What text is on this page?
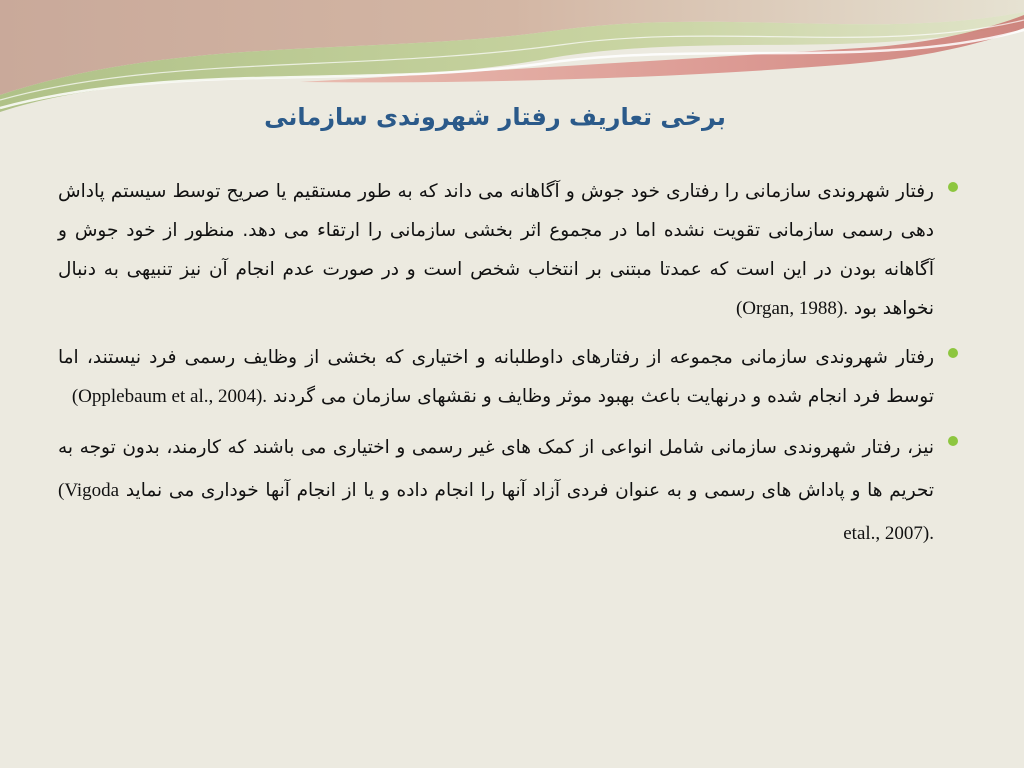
برخی تعاریف رفتار شهروندی سازمانی
رفتار شهروندی سازمانی را رفتاری خود جوش و آگاهانه می داند که به طور مستقیم یا صریح توسط سیستم پاداش دهی رسمی سازمانی تقویت نشده اما در مجموع اثر بخشی سازمانی را ارتقاء می دهد. منظور از خود جوش و آگاهانه بودن در این است که عمدتا مبتنی بر انتخاب شخص است و در صورت عدم انجام آن نیز تنبیهی به دنبال نخواهد بود (Organ, 1988).
رفتار شهروندی سازمانی مجموعه از رفتارهای داوطلبانه و اختیاری که بخشی از وظایف رسمی فرد نیستند، اما توسط فرد انجام شده و درنهایت باعث بهبود موثر وظایف و نقشهای سازمان می گردند (Opplebaum et al., 2004).
نیز، رفتار شهروندی سازمانی شامل انواعی از کمک های غیر رسمی و اختیاری می باشند که کارمند، بدون توجه به تحریم ها و پاداش های رسمی و به عنوان فردی آزاد آنها را انجام داده و یا از انجام آنها خوداری می نماید (Vigoda etal., 2007).
